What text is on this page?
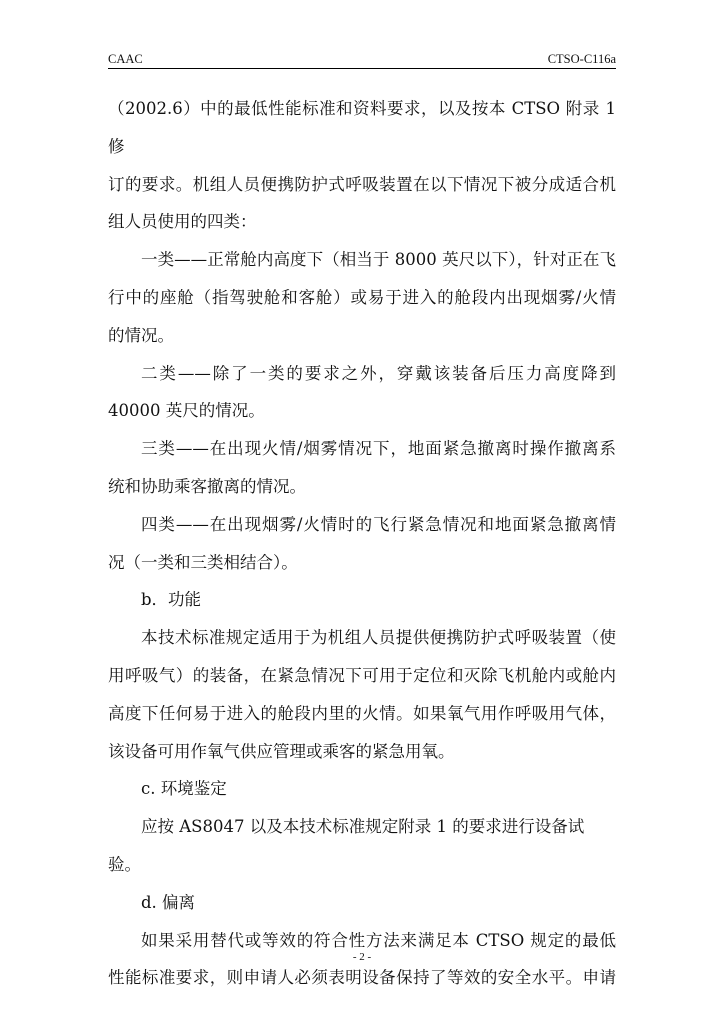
CAAC	CTSO-C116a

（2002.6）中的最低性能标准和资料要求，以及按本 CTSO 附录 1 修

订的要求。机组人员便携防护式呼吸装置在以下情况下被分成适合机

组人员使用的四类：

一类——正常舱内高度下（相当于 8000 英尺以下），针对正在飞

行中的座舱（指驾驶舱和客舱）或易于进入的舱段内出现烟雾/火情

的情况。

二类——除了一类的要求之外，穿戴该装备后压力高度降到

40000 英尺的情况。

三类——在出现火情/烟雾情况下，地面紧急撤离时操作撤离系

统和协助乘客撤离的情况。

四类——在出现烟雾/火情时的飞行紧急情况和地面紧急撤离情

况（一类和三类相结合）。

b．功能

本技术标准规定适用于为机组人员提供便携防护式呼吸装置（使

用呼吸气）的装备，在紧急情况下可用于定位和灭除飞机舱内或舱内

高度下任何易于进入的舱段内里的火情。如果氧气用作呼吸用气体，

该设备可用作氧气供应管理或乘客的紧急用氧。

c. 环境鉴定

应按 AS8047 以及本技术标准规定附录 1 的要求进行设备试验。

d. 偏离

如果采用替代或等效的符合性方法来满足本 CTSO 规定的最低

性能标准要求，则申请人必须表明设备保持了等效的安全水平。申请

- 2 -
